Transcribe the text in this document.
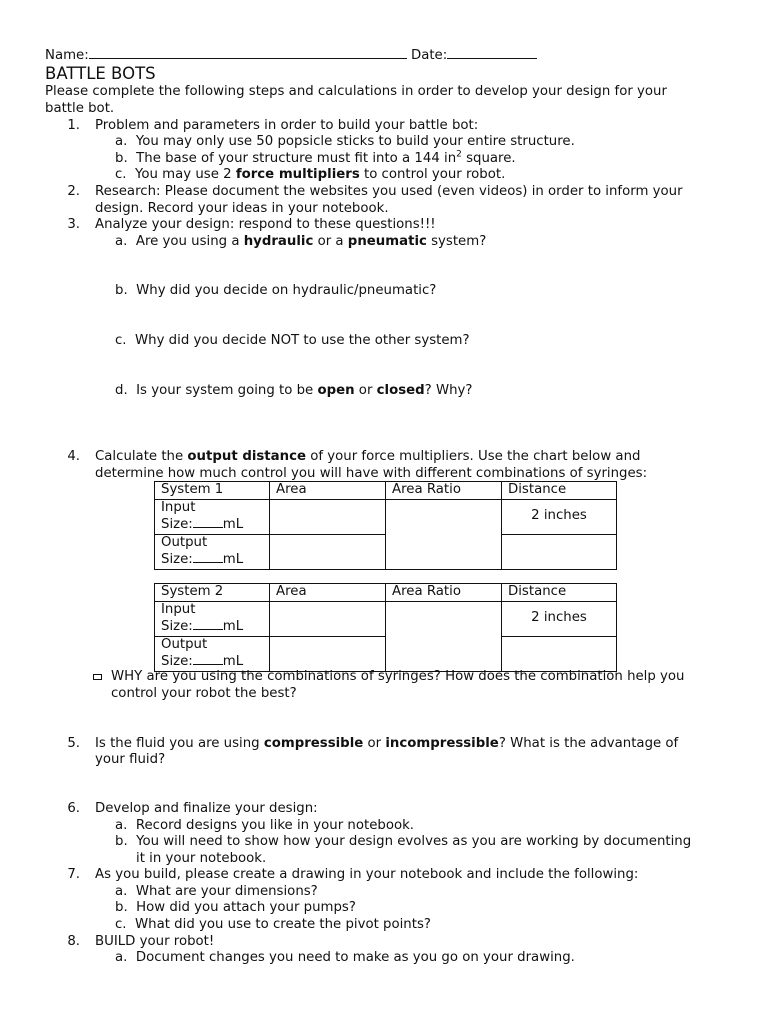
Name:	Date:
BATTLE BOTS
Please complete the following steps and calculations in order to develop your design for your
battle bot.
1. Problem and parameters in order to build your battle bot:
a. You may only use 50 popsicle sticks to build your entire structure.
b. The base of your structure must fit into a 144 $in^2$ square.
c. You may use 2 force multipliers to control your robot.
2. Research: Please document the websites you used (even videos) in order to inform your
design. Record your ideas in your notebook.
3. Analyze your design: respond to these questions!!!
a. Are you using a hydraulic or a pneumatic system?
b. Why did you decide on hydraulic/pneumatic?
c. Why did you decide NOT to use the other system?
d. Is your system going to be open or closed? Why?
4. Calculate the output distance of your force multipliers. Use the chart below and
determine how much control you will have with different combinations of syringes:
System 1	Area	Area Ratio	Distance
Input
Size: mL			2 inches
Output
Size: mL			
System 2	Area	Area Ratio	Distance
Input
Size: mL			2 inches
Output
Size: mL			
WHY are you using the combinations of syringes? How does the combination help you
control your robot the best?
5. Is the fluid you are using compressible or incompressible? What is the advantage of
your fluid?
6. Develop and finalize your design:
a. Record designs you like in your notebook.
b. You will need to show how your design evolves as you are working by documenting
it in your notebook.
7. As you build, please create a drawing in your notebook and include the following:
a. What are your dimensions?
b. How did you attach your pumps?
c. What did you use to create the pivot points?
8. BUILD your robot!
a. Document changes you need to make as you go on your drawing.
